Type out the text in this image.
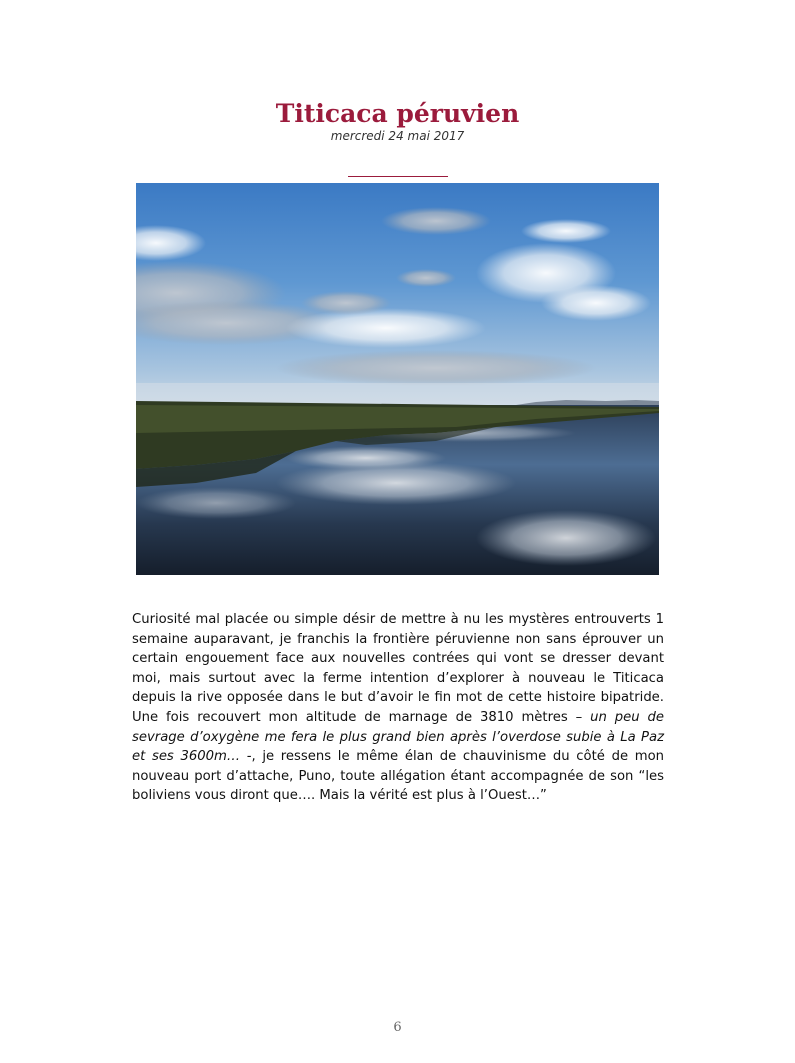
Titicaca péruvien
mercredi 24 mai 2017

Curiosité mal placée ou simple désir de mettre à nu les mystères entrouverts 1 semaine auparavant, je franchis la frontière péruvienne non sans éprouver un certain engouement face aux nouvelles contrées qui vont se dresser devant moi, mais surtout avec la ferme intention d’explorer à nouveau le Titicaca depuis la rive opposée dans le but d’avoir le fin mot de cette histoire bipatride. Une fois recouvert mon altitude de marnage de 3810 mètres – un peu de sevrage d’oxygène me fera le plus grand bien après l’overdose subie à La Paz et ses 3600m… -, je ressens le même élan de chauvinisme du côté de mon nouveau port d’attache, Puno, toute allégation étant accompagnée de son “les boliviens vous diront que…. Mais la vérité est plus à l’Ouest…”

6
